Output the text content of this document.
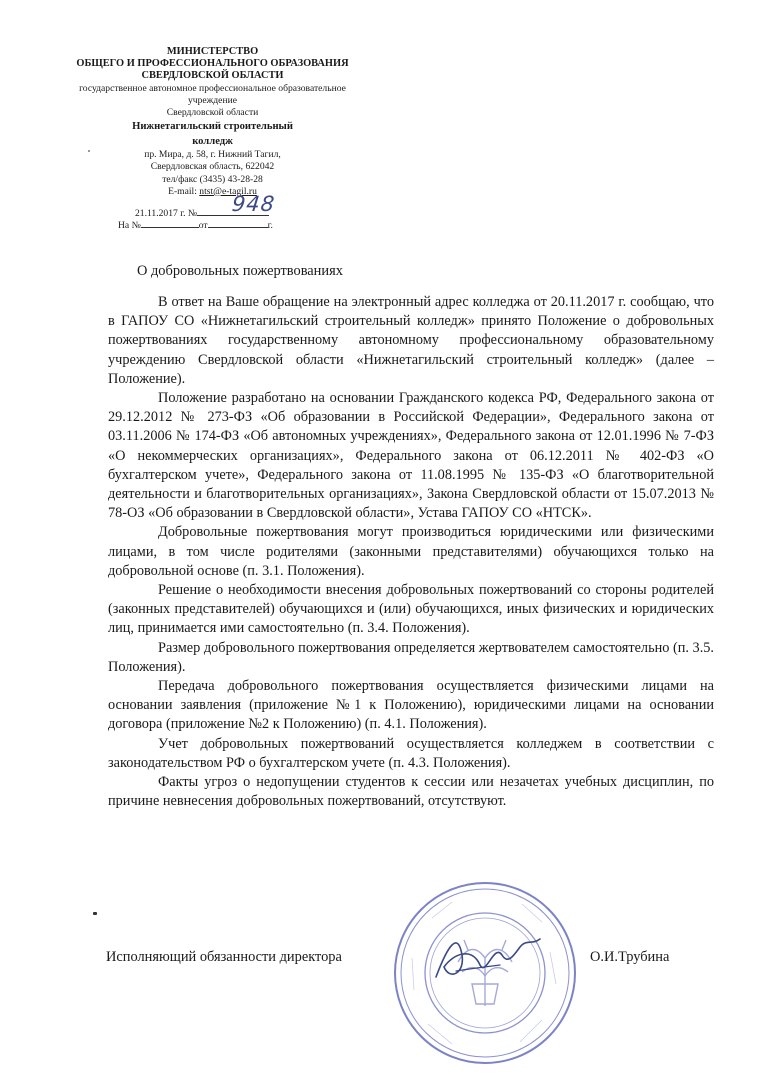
МИНИСТЕРСТВО
ОБЩЕГО И ПРОФЕССИОНАЛЬНОГО ОБРАЗОВАНИЯ
СВЕРДЛОВСКОЙ ОБЛАСТИ
государственное автономное профессиональное образовательное
учреждение
Свердловской области
Нижнетагильский строительный
колледж
пр. Мира, д. 58, г. Нижний Тагил,
Свердловская область, 622042
тел/факс (3435) 43-28-28
E-mail: ntst@e-tagil.ru
21.11.2017 г. №	948
На №	от	г.
О добровольных пожертвованиях

В ответ на Ваше обращение на электронный адрес колледжа от 20.11.2017 г. сообщаю, что в ГАПОУ СО «Нижнетагильский строительный колледж» принято Положение о добровольных пожертвованиях государственному автономному профессиональному образовательному учреждению Свердловской области «Нижнетагильский строительный колледж» (далее – Положение).

Положение разработано на основании Гражданского кодекса РФ, Федерального закона от 29.12.2012 № 273-ФЗ «Об образовании в Российской Федерации», Федерального закона от 03.11.2006 № 174-ФЗ «Об автономных учреждениях», Федерального закона от 12.01.1996 № 7-ФЗ «О некоммерческих организациях», Федерального закона от 06.12.2011 № 402-ФЗ «О бухгалтерском учете», Федерального закона от 11.08.1995 № 135-ФЗ «О благотворительной деятельности и благотворительных организациях», Закона Свердловской области от 15.07.2013 № 78-ОЗ «Об образовании в Свердловской области», Устава ГАПОУ СО «НТСК».

Добровольные пожертвования могут производиться юридическими или физическими лицами, в том числе родителями (законными представителями) обучающихся только на добровольной основе (п. 3.1. Положения).

Решение о необходимости внесения добровольных пожертвований со стороны родителей (законных представителей) обучающихся и (или) обучающихся, иных физических и юридических лиц, принимается ими самостоятельно (п. 3.4. Положения).

Размер добровольного пожертвования определяется жертвователем самостоятельно (п. 3.5. Положения).

Передача добровольного пожертвования осуществляется физическими лицами на основании заявления (приложение №1 к Положению), юридическими лицами на основании договора (приложение №2 к Положению) (п. 4.1. Положения).

Учет добровольных пожертвований осуществляется колледжем в соответствии с законодательством РФ о бухгалтерском учете (п. 4.3. Положения).

Факты угроз о недопущении студентов к сессии или незачетах учебных дисциплин, по причине невнесения добровольных пожертвований, отсутствуют.

Исполняющий обязанности директора	О.И.Трубина
